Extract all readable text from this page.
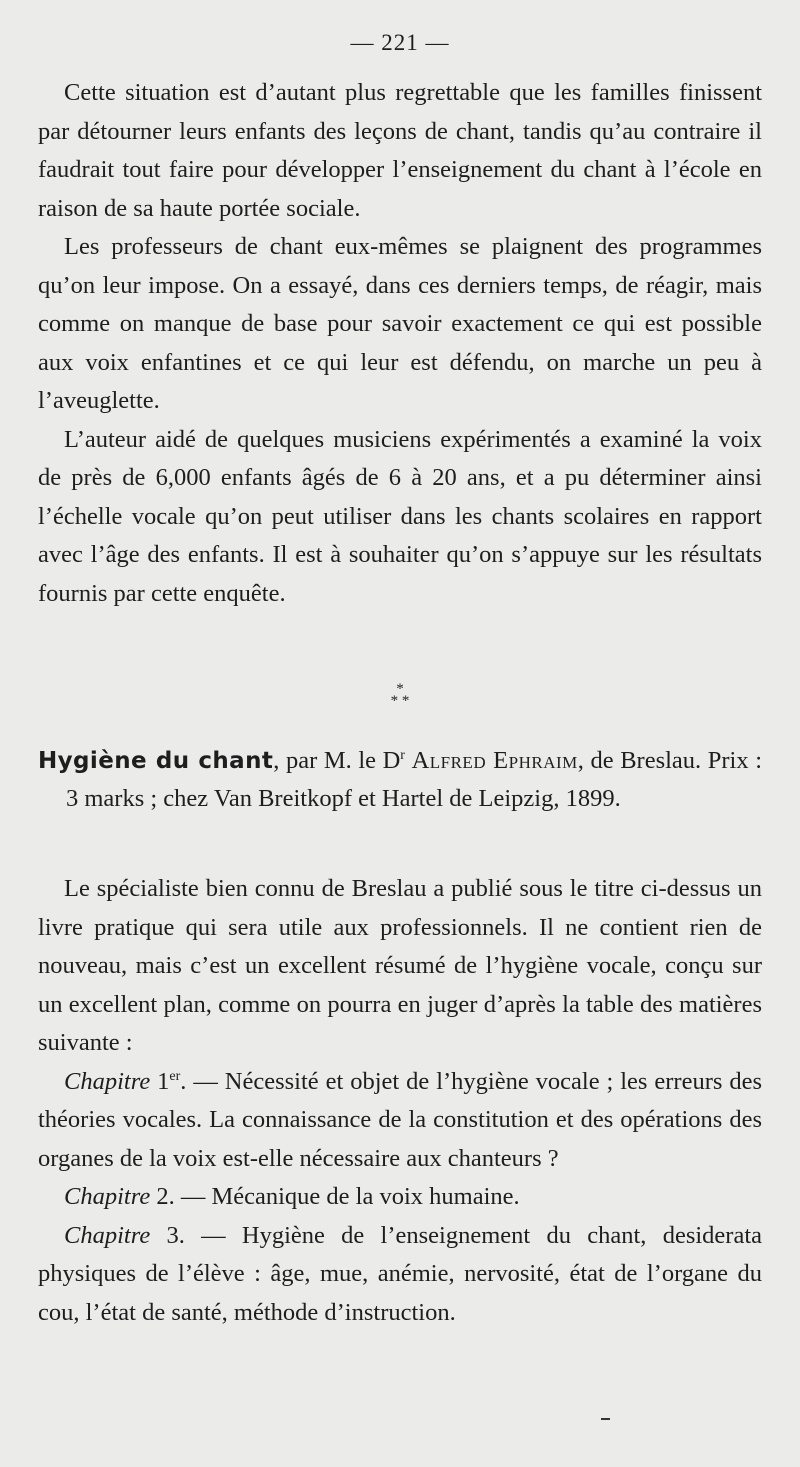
— 221 —

Cette situation est d’autant plus regrettable que les familles finissent par détourner leurs enfants des leçons de chant, tandis qu’au contraire il faudrait tout faire pour développer l’enseignement du chant à l’école en raison de sa haute portée sociale.

Les professeurs de chant eux-mêmes se plaignent des programmes qu’on leur impose. On a essayé, dans ces derniers temps, de réagir, mais comme on manque de base pour savoir exactement ce qui est possible aux voix enfantines et ce qui leur est défendu, on marche un peu à l’aveuglette.

L’auteur aidé de quelques musiciens expérimentés a examiné la voix de près de 6,000 enfants âgés de 6 à 20 ans, et a pu déterminer ainsi l’échelle vocale qu’on peut utiliser dans les chants scolaires en rapport avec l’âge des enfants. Il est à souhaiter qu’on s’appuye sur les résultats fournis par cette enquête.

*
* *

Hygiène du chant, par M. le $D^r$ Alfred Ephraim, de Breslau. Prix : 3 marks ; chez Van Breitkopf et Hartel de Leipzig, 1899.

Le spécialiste bien connu de Breslau a publié sous le titre ci-dessus un livre pratique qui sera utile aux professionnels. Il ne contient rien de nouveau, mais c’est un excellent résumé de l’hygiène vocale, conçu sur un excellent plan, comme on pourra en juger d’après la table des matières suivante :

Chapitre 1er. — Nécessité et objet de l’hygiène vocale ; les erreurs des théories vocales. La connaissance de la constitution et des opérations des organes de la voix est-elle nécessaire aux chanteurs ?

Chapitre 2. — Mécanique de la voix humaine.

Chapitre 3. — Hygiène de l’enseignement du chant, desiderata physiques de l’élève : âge, mue, anémie, nervosité, état de l’organe du cou, l’état de santé, méthode d’instruction.
